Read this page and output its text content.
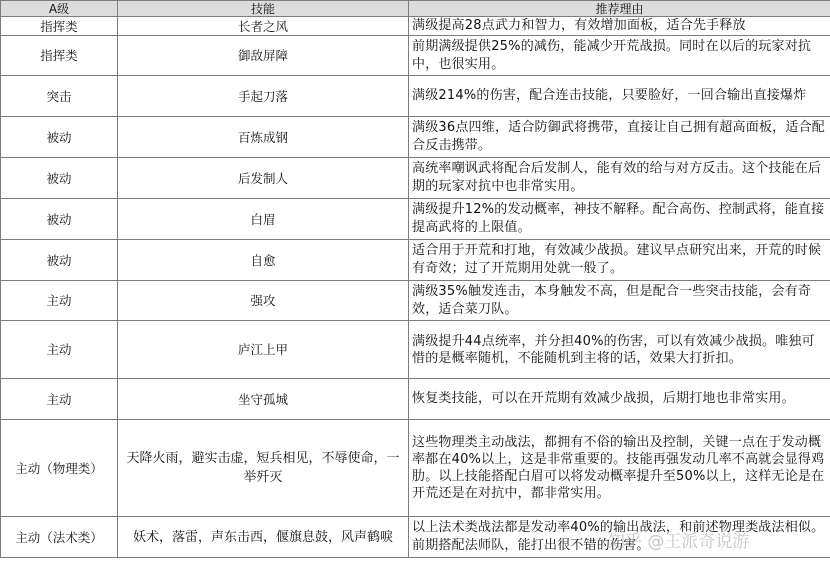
A级	技能	推荐理由
指挥类	长者之风	满级提高28点武力和智力，有效增加面板，适合先手释放
指挥类	御敌屏障	前期满级提供25%的减伤，能减少开荒战损。同时在以后的玩家对抗中，也很实用。
突击	手起刀落	满级214%的伤害，配合连击技能，只要脸好，一回合输出直接爆炸
被动	百炼成钢	满级36点四维，适合防御武将携带，直接让自己拥有超高面板，适合配合反击携带。
被动	后发制人	高统率嘲讽武将配合后发制人，能有效的给与对方反击。这个技能在后期的玩家对抗中也非常实用。
被动	白眉	满级提升12%的发动概率，神技不解释。配合高伤、控制武将，能直接提高武将的上限值。
被动	自愈	适合用于开荒和打地，有效减少战损。建议早点研究出来，开荒的时候有奇效；过了开荒期用处就一般了。
主动	强攻	满级35%触发连击，本身触发不高，但是配合一些突击技能，会有奇效，适合菜刀队。
主动	庐江上甲	满级提升44点统率，并分担40%的伤害，可以有效减少战损。唯独可惜的是概率随机，不能随机到主将的话，效果大打折扣。
主动	坐守孤城	恢复类技能，可以在开荒期有效减少战损，后期打地也非常实用。
主动（物理类）	天降火雨，避实击虚，短兵相见，不辱使命，一举歼灭	这些物理类主动战法，都拥有不俗的输出及控制，关键一点在于发动概率都在40%以上，这是非常重要的。技能再强发动几率不高就会显得鸡肋。以上技能搭配白眉可以将发动概率提升至50%以上，这样无论是在开荒还是在对抗中，都非常实用。
主动（法术类）	妖术，落雷，声东击西，偃旗息鼓，风声鹤唳	以上法术类战法都是发动率40%的输出战法，和前述物理类战法相似。前期搭配法师队，能打出很不错的伤害。
知乎 @王派奇说游
